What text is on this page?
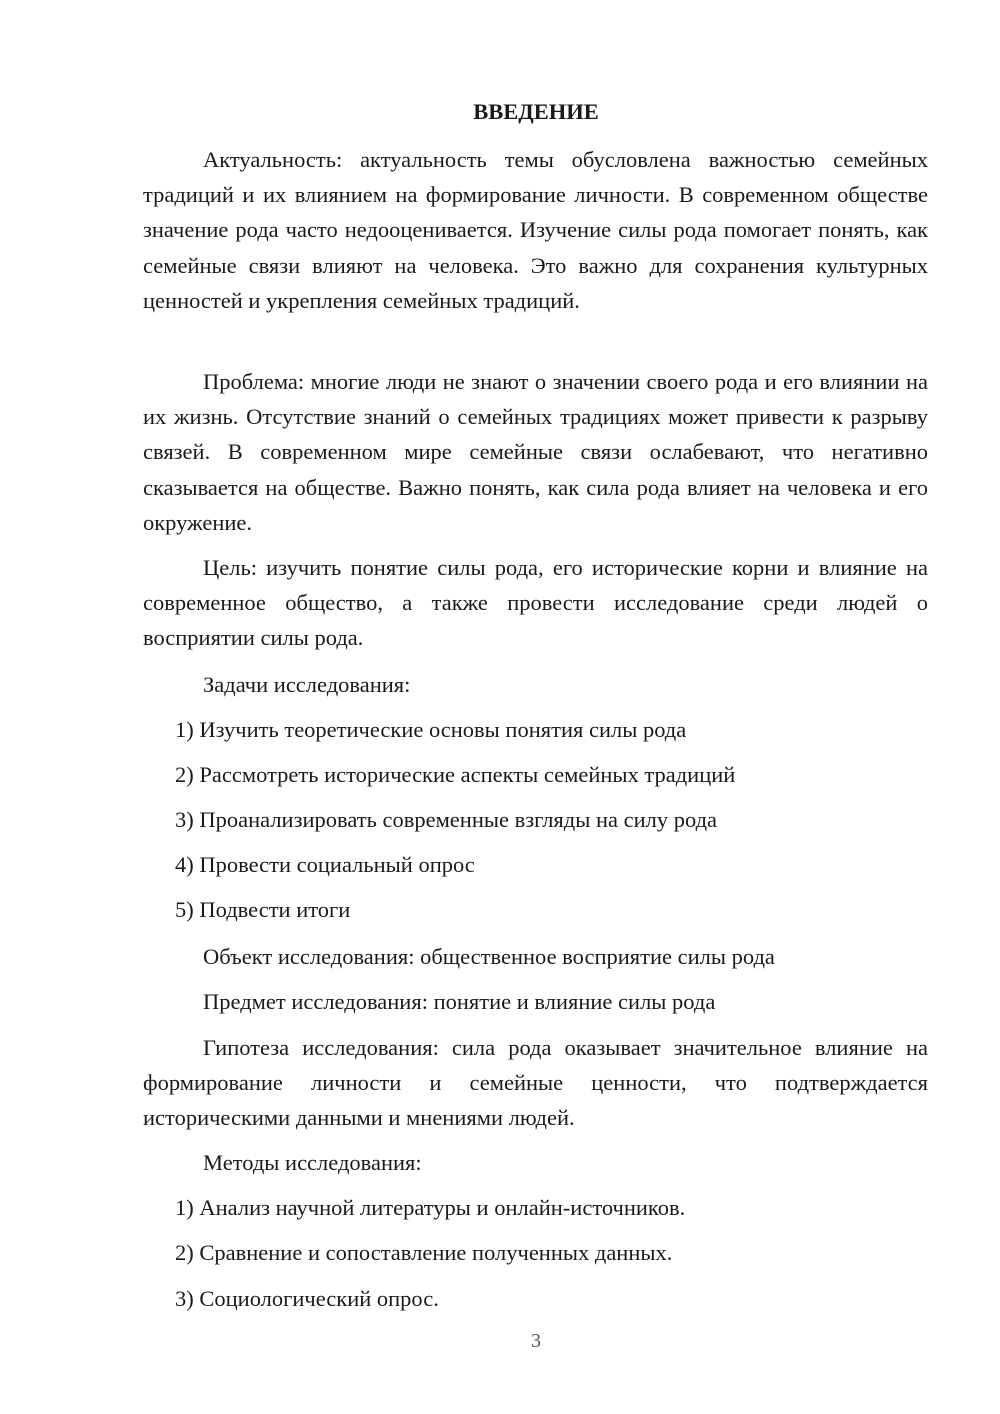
ВВЕДЕНИЕ

Актуальность: актуальность темы обусловлена важностью семейных традиций и их влиянием на формирование личности. В современном обществе значение рода часто недооценивается. Изучение силы рода помогает понять, как семейные связи влияют на человека. Это важно для сохранения культурных ценностей и укрепления семейных традиций.

Проблема: многие люди не знают о значении своего рода и его влиянии на их жизнь. Отсутствие знаний о семейных традициях может привести к разрыву связей. В современном мире семейные связи ослабевают, что негативно сказывается на обществе. Важно понять, как сила рода влияет на человека и его окружение.

Цель: изучить понятие силы рода, его исторические корни и влияние на современное общество, а также провести исследование среди людей о восприятии силы рода.

Задачи исследования:

1) Изучить теоретические основы понятия силы рода

2) Рассмотреть исторические аспекты семейных традиций

3) Проанализировать современные взгляды на силу рода

4) Провести социальный опрос

5) Подвести итоги

Объект исследования: общественное восприятие силы рода

Предмет исследования: понятие и влияние силы рода

Гипотеза исследования: сила рода оказывает значительное влияние на формирование личности и семейные ценности, что подтверждается историческими данными и мнениями людей.

Методы исследования:

1) Анализ научной литературы и онлайн-источников.

2) Сравнение и сопоставление полученных данных.

3) Социологический опрос.

3
